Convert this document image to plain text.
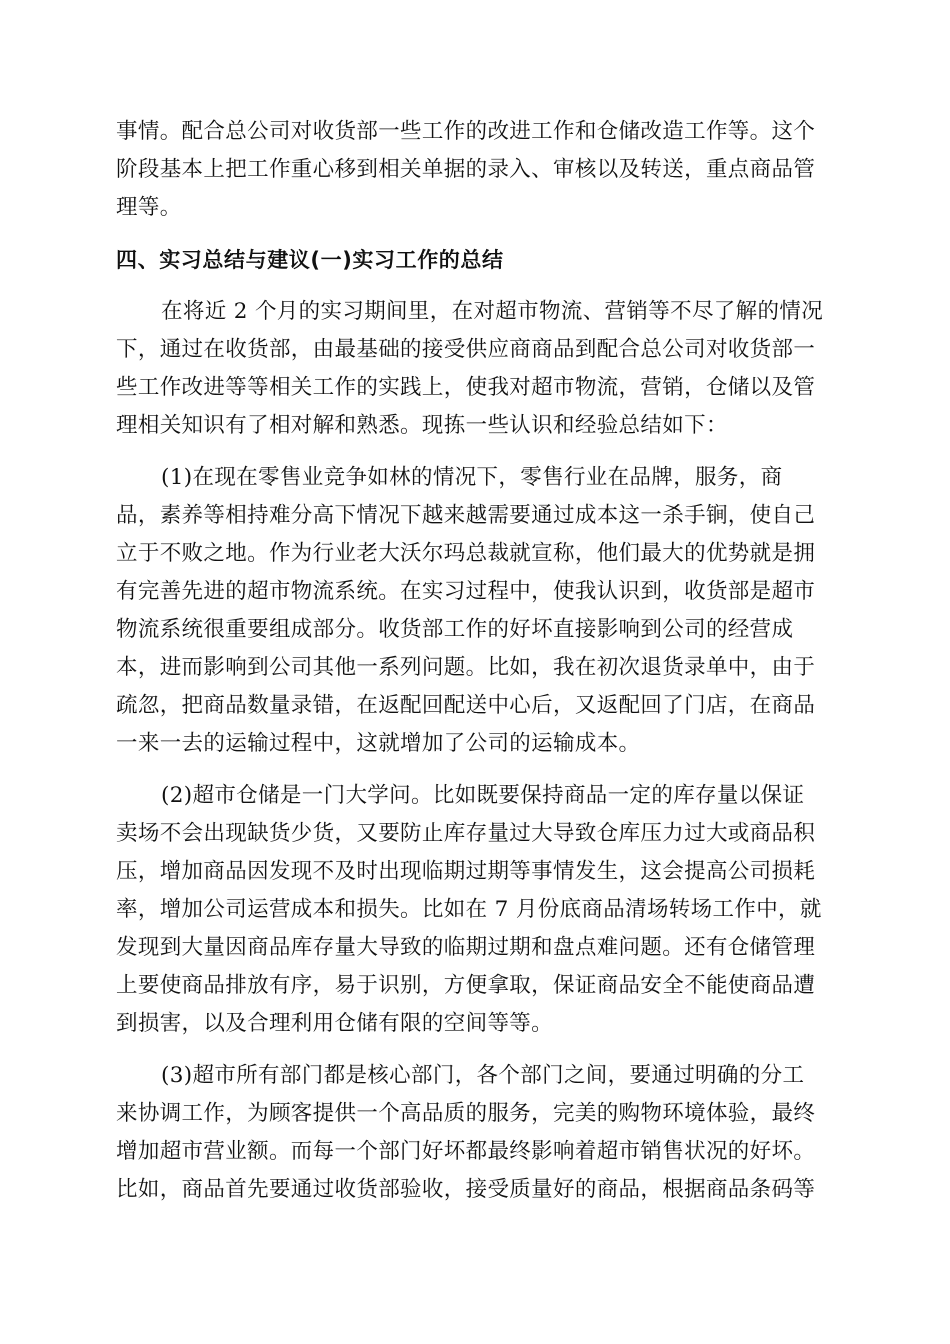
事情。配合总公司对收货部一些工作的改进工作和仓储改造工作等。这个
阶段基本上把工作重心移到相关单据的录入、审核以及转送，重点商品管
理等。
四、实习总结与建议(一)实习工作的总结
在将近 2 个月的实习期间里，在对超市物流、营销等不尽了解的情况
下，通过在收货部，由最基础的接受供应商商品到配合总公司对收货部一
些工作改进等等相关工作的实践上，使我对超市物流，营销，仓储以及管
理相关知识有了相对解和熟悉。现拣一些认识和经验总结如下：
(1)在现在零售业竞争如林的情况下，零售行业在品牌，服务，商
品，素养等相持难分高下情况下越来越需要通过成本这一杀手锏，使自己
立于不败之地。作为行业老大沃尔玛总裁就宣称，他们最大的优势就是拥
有完善先进的超市物流系统。在实习过程中，使我认识到，收货部是超市
物流系统很重要组成部分。收货部工作的好坏直接影响到公司的经营成
本，进而影响到公司其他一系列问题。比如，我在初次退货录单中，由于
疏忽，把商品数量录错，在返配回配送中心后，又返配回了门店，在商品
一来一去的运输过程中，这就增加了公司的运输成本。
(2)超市仓储是一门大学问。比如既要保持商品一定的库存量以保证
卖场不会出现缺货少货，又要防止库存量过大导致仓库压力过大或商品积
压，增加商品因发现不及时出现临期过期等事情发生，这会提高公司损耗
率，增加公司运营成本和损失。比如在 7 月份底商品清场转场工作中，就
发现到大量因商品库存量大导致的临期过期和盘点难问题。还有仓储管理
上要使商品排放有序，易于识别，方便拿取，保证商品安全不能使商品遭
到损害，以及合理利用仓储有限的空间等等。
(3)超市所有部门都是核心部门，各个部门之间，要通过明确的分工
来协调工作，为顾客提供一个高品质的服务，完美的购物环境体验，最终
增加超市营业额。而每一个部门好坏都最终影响着超市销售状况的好坏。
比如，商品首先要通过收货部验收，接受质量好的商品，根据商品条码等
